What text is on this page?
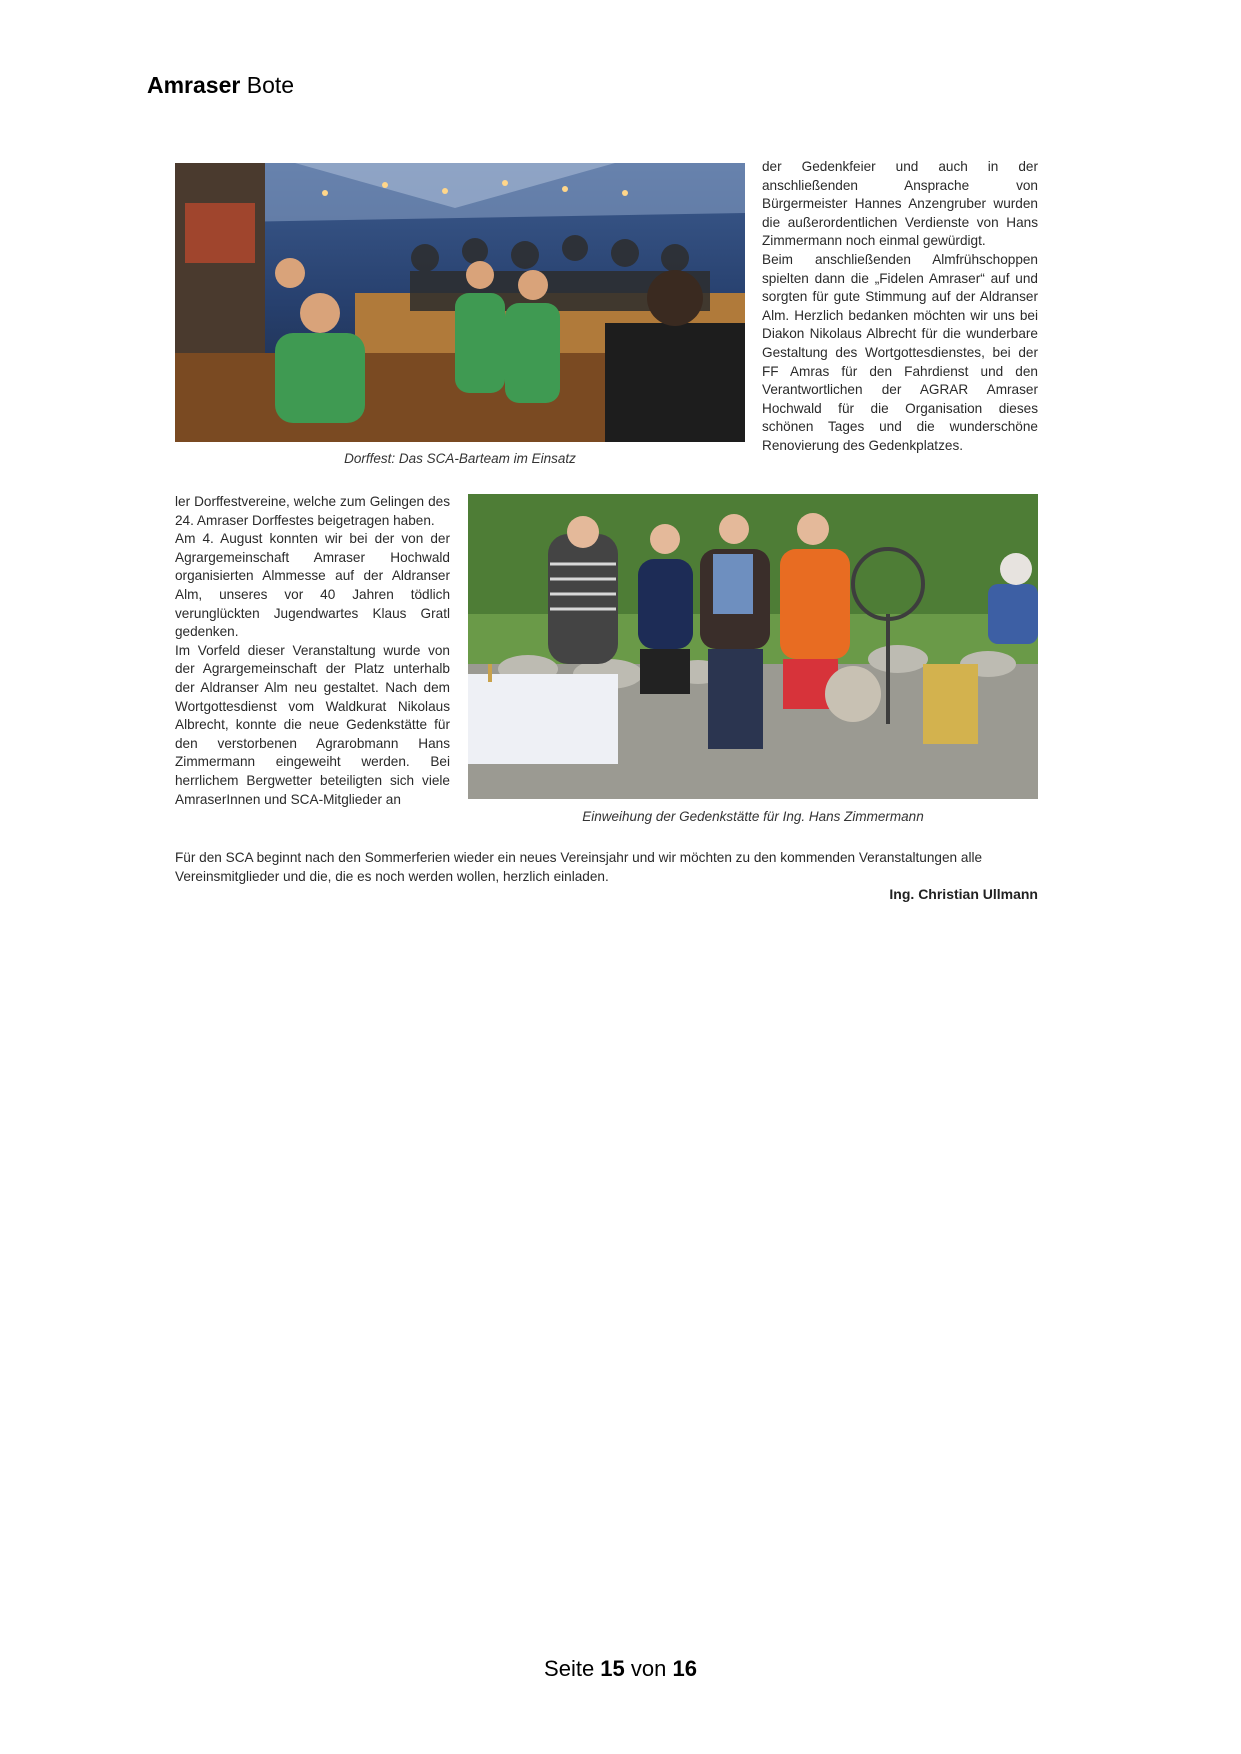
Amraser Bote
Dorffest: Das SCA-Barteam im Einsatz

der Gedenkfeier und auch in der anschließenden Ansprache von Bürgermeister Hannes Anzengruber wurden die außerordentlichen Verdienste von Hans Zimmermann noch einmal gewürdigt.

Beim anschließenden Almfrühschoppen spielten dann die „Fidelen Amraser“ auf und sorgten für gute Stimmung auf der Aldranser Alm. Herzlich bedanken möchten wir uns bei Diakon Nikolaus Albrecht für die wunderbare Gestaltung des Wortgottesdienstes, bei der FF Amras für den Fahrdienst und den Verantwortlichen der AGRAR Amraser Hochwald für die Organisation dieses schönen Tages und die wunderschöne Renovierung des Gedenkplatzes.

ler Dorffestvereine, welche zum Gelingen des 24. Amraser Dorffestes beigetragen haben.

Am 4. August konnten wir bei der von der Agrargemeinschaft Amraser Hochwald organisierten Almmesse auf der Aldranser Alm, unseres vor 40 Jahren tödlich verunglückten Jugendwartes Klaus Gratl gedenken.

Im Vorfeld dieser Veranstaltung wurde von der Agrargemeinschaft der Platz unterhalb der Aldranser Alm neu gestaltet. Nach dem Wortgottesdienst vom Waldkurat Nikolaus Albrecht, konnte die neue Gedenkstätte für den verstorbenen Agrarobmann Hans Zimmermann eingeweiht werden. Bei herrlichem Bergwetter beteiligten sich viele AmraserInnen und SCA-Mitglieder an

Einweihung der Gedenkstätte für Ing. Hans Zimmermann
Für den SCA beginnt nach den Sommerferien wieder ein neues Vereinsjahr und wir möchten zu den kommenden Veranstaltungen alle Vereinsmitglieder und die, die es noch werden wollen, herzlich einladen.
Ing. Christian Ullmann
Seite 15 von 16
